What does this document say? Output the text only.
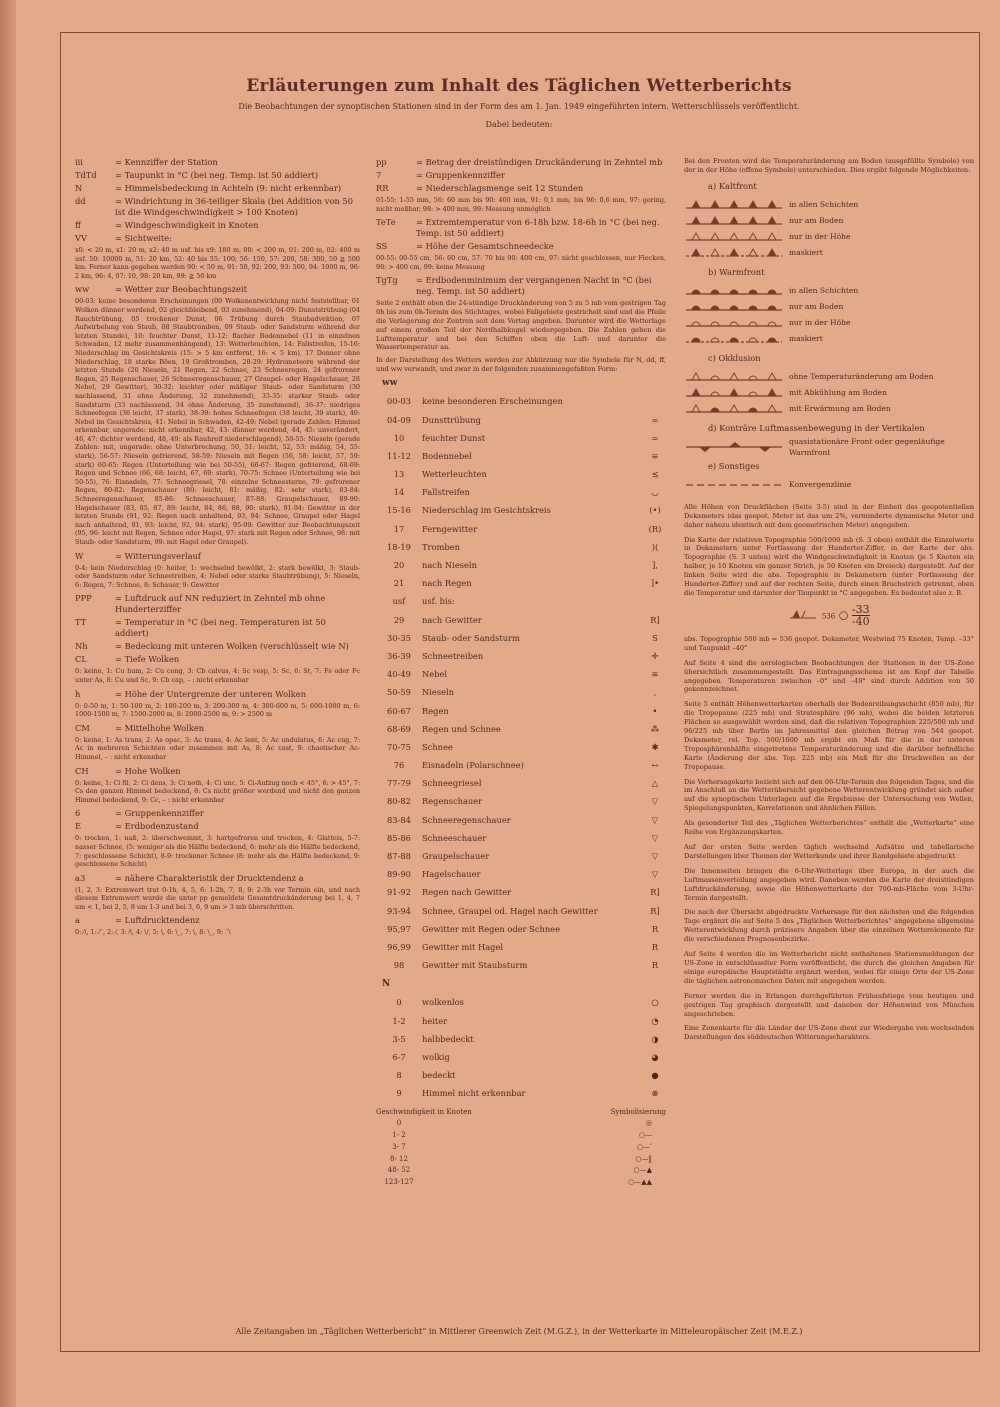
Erläuterungen zum Inhalt des Täglichen Wetterberichts
Die Beobachtungen der synoptischen Stationen sind in der Form des am 1. Jan. 1949 eingeführten intern. Wetterschlüssels veröffentlicht.
Dabei bedeuten:
iii	= Kennziffer der Station
TdTd	= Taupunkt in °C (bei neg. Temp. ist 50 addiert)
N	= Himmelsbedeckung in Achteln (9: nicht erkennbar)
dd	= Windrichtung in 36-teiliger Skala (bei Addition von 50 ist die Windgeschwindigkeit > 100 Knoten)
ff	= Windgeschwindigkeit in Knoten
VV	= Sichtweite:
x0: < 20 m, x1: 20 m, x2: 40 m usf. bis x9: 180 m, 00: < 200 m, 01: 200 m, 02: 400 m usf. 50: 10000 m, 51: 20 km, 52: 40 bis 55: 100; 56: 150, 57: 200, 58: 300, 59 ≧ 500 km. Ferner kann gegeben werden 90: < 50 m, 91: 50, 92: 200, 93: 500, 94: 1000 m, 96: 2 km, 96: 4, 97: 10, 98: 20 km, 99: ≧ 50 km
ww	= Wetter zur Beobachtungszeit
00-03: keine besonderen Erscheinungen (00 Wolkenentwicklung nicht feststellbar, 01 Wolken dünner werdend, 02 gleichbleibend, 03 zunehmend), 04-09: Dunststrübung (04 Rauchtrübung, 05 trockener Dunst, 06 Trübung durch Staubadvektion, 07 Aufwirbelung von Staub, 08 Staubtromben, 09 Staub- oder Sandsturm während der letzten Stunde), 10: feuchter Dunst, 11-12: flacher Bodennebel (11 in einzelnen Schwaden, 12 mehr zusammenhängend), 13: Wetterleuchten, 14: Fallstreifen, 15-16: Niederschlag im Gesichtskreis (15: > 5 km entfernt, 16: < 5 km), 17 Donner ohne Niederschlag, 18 starke Böen, 19 Großtromben, 20-29: Hydrometeore während der letzten Stunde (20 Nieseln, 21 Regen, 22 Schnee, 23 Schneeregen, 24 gefrorener Regen, 25 Regenschauer, 26 Schneeregenschauer, 27 Graupel- oder Hagelschauer, 28 Nebel, 29 Gewitter), 30-32: leichter oder mäßiger Staub- oder Sandsturm (30 nachlassend, 31 ohne Änderung, 32 zunehmend), 33-35: starker Staub- oder Sandsturm (33 nachlassend, 34 ohne Änderung, 35 zunehmend), 36-37: niedriges Schneefegen (36 leicht, 37 stark), 38-39: hohes Schneefegen (38 leicht, 39 stark), 40: Nebel im Gesichtskreis, 41: Nebel in Schwaden, 42-49: Nebel (gerade Zahlen: Himmel erkennbar, ungerade: nicht erkennbar, 42, 43: dünner werdend, 44, 45: unverändert, 46, 47: dichter werdend, 48, 49: als Rauhreif niederschlagend), 50-55: Nieseln (gerade Zahlen: mit, ungerade: ohne Unterbrechung, 50, 51: leicht, 52, 53: mäßig, 54, 55: stark), 56-57: Nieseln gefrierend, 58-59: Nieseln mit Regen (56, 58: leicht, 57, 59: stark) 60-65: Regen (Unterteilung wie bei 50-55), 66-67: Regen gefrierend, 68-69: Regen und Schnee (66, 68: leicht, 67, 69: stark), 70-75: Schnee (Unterteilung wie bei 50-55), 76: Eisnadeln, 77: Schneegriesel, 78: einzelne Schneesterne, 79: gefrorener Regen, 80-82: Regenschauer (80: leicht, 81: mäßig, 82: sehr stark), 83-84: Schneeregenschauer, 85-86: Schneeschauer, 87-88: Graupelschauer, 89-90: Hagelschauer (83, 85, 87, 89: leicht, 84, 86, 88, 90: stark), 91-94: Gewitter in der letzten Stunde (91, 92: Regen nach anhaltend, 93, 94: Schnee, Graupel oder Hagel nach anhaltend, 91, 93: leicht, 92, 94: stark), 95-99: Gewitter zur Beobachtungszeit (95, 96: leicht mit Regen, Schnee oder Hagel, 97: stark mit Regen oder Schnee, 98: mit Staub- oder Sandsturm, 99: mit Hagel oder Graupel).
W	= Witterungsverlauf
0-4: kein Niederschlag (0: heiter, 1: wechselnd bewölkt, 2: stark bewölkt, 3: Staub- oder Sandsturm oder Schneetreiben, 4: Nebel oder starke Staubtrübung), 5: Nieseln, 6: Regen, 7: Schnee, 8: Schauer, 9: Gewitter
PPP	= Luftdruck auf NN reduziert in Zehntel mb ohne Hunderterziffer
TT	= Temperatur in °C (bei neg. Temperaturen ist 50 addiert)
Nh	= Bedeckung mit unteren Wolken (verschlüsselt wie N)
CL	= Tiefe Wolken
0: keine, 1: Cu hum, 2: Cu cong, 3: Cb calvus, 4: Sc vesp, 5: Sc, 6: St, 7: Fs oder Fc unter As, 8: Cu und Sc, 9: Cb cap, – : nicht erkennbar
h	= Höhe der Untergrenze der unteren Wolken
0: 0-50 m, 1: 50-100 m, 2: 100-200 m, 3: 200-300 m, 4: 300-600 m, 5: 600-1000 m, 6: 1000-1500 m, 7: 1500-2000 m, 8: 2000-2500 m, 9: > 2500 m
CM	= Mittelhohe Wolken
0: keine, 1: As trans, 2: As opac, 3: Ac trans, 4: Ac lent, 5: Ac undulatus, 6: Ac cug, 7: Ac in mehreren Schichten oder zusammen mit As, 8: Ac cast, 9: chaotischer Ac-Himmel, – : nicht erkennbar
CH	= Hohe Wolken
0: keine, 1: Ci fil, 2: Ci dens, 3: Ci noth, 4: Ci unc, 5: Ci-Aufzug noch < 45°, 6: > 45°, 7: Cs den ganzen Himmel bedeckend, 8: Cs nicht größer werdend und nicht den ganzen Himmel bedeckend, 9: Cc, – : nicht erkennbar
6	= Gruppenkennziffer
E	= Erdbodenzustand
0: trocken, 1: naß, 2: überschwemmt, 3: hartgefroren und trocken, 4: Glatteis, 5-7: nasser Schnee, (5: weniger als die Hälfte bedeckend, 6: mehr als die Hälfte bedeckend, 7: geschlossene Schicht), 8-9: trockener Schnee (8: mehr als die Hälfte bedeckend, 9: geschlossene Schicht)
a3	= nähere Charakteristik der Drucktendenz a
(1, 2, 3: Extremwert trat 0-1h, 4, 5, 6: 1-2h, 7, 8, 9: 2-3h vor Termin ein, und nach diesem Extremwert wurde die unter pp gemeldete Gesamtdruckänderung bei 1, 4, 7 um < 1, bei 2, 5, 8 um 1-3 und bei 3, 6, 9 um > 3 mb überschritten.
a	= Luftdrucktendenz
0: ⁄\, 1: ⁄‾, 2: ⁄, 3: ⁄\, 4: \/, 5: \, 6: \_, 7: \, 8: \_, 9: ‾\
pp	= Betrag der dreistündigen Druckänderung in Zehntel mb
7	= Gruppenkennziffer
RR	= Niederschlagsmenge seit 12 Stunden
01-55: 1-55 mm, 56: 60 mm bis 90: 400 mm, 91: 0,1 mm, bis 96: 0,6 mm, 97: gering, nicht meßbar, 98: > 400 mm, 99: Messung unmöglich
TeTe	= Extremtemperatur von 6-18h bzw. 18-6h in °C (bei neg. Temp. ist 50 addiert)
SS	= Höhe der Gesamtschneedecke
00-55: 00-55 cm, 56: 60 cm, 57: 70 bis 90: 400 cm, 97: nicht geschlossen, nur Flecken, 98: > 400 cm, 99: keine Messung
TgTg	= Erdbodenminimum der vergangenen Nacht in °C (bei neg. Temp. ist 50 addiert)
Seite 2 enthält oben die 24-stündige Druckänderung von 5 zu 5 mb vom gestrigen Tag 0h bis zum 0h-Termin des Stichtages, wobei Fallgebiete gestrichelt sind und die Pfeile die Verlagerung der Zentren seit dem Vortag angeben. Darunter wird die Wetterlage auf einem großen Teil der Nordhalbkugel wiedergegeben. Die Zahlen geben die Lufttemperatur und bei den Schiffen oben die Luft- und darunter die Wassertemperatur an.
In der Darstellung des Wetters werden zur Abkürzung nur die Symbole für N, dd, ff, und ww verwandt, und zwar in der folgenden zusammengefaßten Form:
ww
00-03	keine besonderen Erscheinungen
04-09	Dunsttrübung	∞
10	feuchter Dunst	=
11-12	Bodennebel	≡
13	Wetterleuchten	≲
14	Fallstreifen	◡
15-16	Niederschlag im Gesichtskreis	(•)
17	Ferngewitter	(R)
18-19	Tromben	)(
20	nach Nieseln	],
21	nach Regen	]•
usf	usf. bis:
29	nach Gewitter	R]
30-35	Staub- oder Sandsturm	S
36-39	Schneetreiben	✛
40-49	Nebel	≡
50-59	Nieseln	,
60-67	Regen	•
68-69	Regen und Schnee	⁂
70-75	Schnee	✱
76	Eisnadeln (Polarschnee)	↔
77-79	Schneegriesel	△
80-82	Regenschauer	▽
83-84	Schneeregenschauer	▽
85-86	Schneeschauer	▽
87-88	Graupelschauer	▽
89-90	Hagelschauer	▽
91-92	Regen nach Gewitter	R]
93-94	Schnee, Graupel od. Hagel nach Gewitter	R]
95,97	Gewitter mit Regen oder Schnee	R
96,99	Gewitter mit Hagel	R
98	Gewitter mit Staubsturm	R
N
0	wolkenlos	○
1-2	heiter	◔
3-5	halbbedeckt	◑
6-7	wolkig	◕
8	bedeckt	●
9	Himmel nicht erkennbar	⊗
Geschwindigkeit in Knoten	Symbolisierung
0	◎
1- 2	○—
3- 7	○—ˈ
8- 12	○—‖
48- 52	○—▲
123-127	○—▲▲
Bei den Fronten wird die Temperaturänderung am Boden (ausgefüllte Symbole) von der in der Höhe (offene Symbole) unterschieden. Dies ergibt folgende Möglichkeiten:
a) Kaltfront
in allen Schichten
nur am Boden
nur in der Höhe
maskiert
b) Warmfront
in allen Schichten
nur am Boden
nur in der Höhe
maskiert
c) Okklusion
ohne Temperaturänderung am Boden
mit Abkühlung am Boden
mit Erwärmung am Boden
d) Konträre Luftmassenbewegung in der Vertikalen
quasistationäre Front oder gegenläufige Warmfront
e) Sonstiges
Konvergenzlinie
Alle Höhen von Druckflächen (Seite 3-5) sind in der Einheit des geopotentiellen Dekameters (das geopot. Meter ist das um 2%, verminderte dynamische Meter und daher nahezu identisch mit dem geometrischen Meter) angegeben.
Die Karte der relativen Topographie 500/1000 mb (S. 3 oben) enthält die Einzelwerte in Dekametern unter Fortlassung der Hunderter-Ziffer, in der Karte der abs. Topographie (S. 3 unten) wird die Windgeschwindigkeit in Knoten (je 5 Knoten ein halber, je 10 Knoten ein ganzer Strich, je 50 Knoten ein Dreieck) dargestellt. Auf der linken Seite wird die abs. Topographie in Dekametern (unter Fortlassung der Hunderter-Ziffer) und auf der rechten Seite, durch einen Bruchstrich getrennt, oben die Temperatur und darunter der Taupunkt in °C angegeben. Es bedeutet also z. B.
536 ○ $\frac{-33}{-40}$
abs. Topographie 500 mb = 536 geopot. Dekameter, Westwind 75 Knoten, Temp. –33° und Taupunkt –40°
Auf Seite 4 sind die aerologischen Beobachtungen der Stationen in der US-Zone übersichtlich zusammengestellt. Das Eintragungsschema ist am Kopf der Tabelle angegeben. Temperaturen zwischen –0° und –49° sind durch Addition von 50 gekennzeichnet.
Seite 5 enthält Höhenwetterkarten oberhalb der Bodenreibungsschicht (850 mb), für die Tropopause (225 mb) und Stratosphäre (96 mb), wobei die beiden letzteren Flächen so ausgewählt worden sind, daß die relativen Topographien 225/500 mb und 96/225 mb über Berlin im Jahresmittel den gleichen Betrag von 544 geopot. Dekameter, rel. Top. 500/1000 mb ergibt ein Maß für die in der unteren Troposphärenhälfte eingetretene Temperaturänderung und die darüber befindliche Karte (Änderung der abs. Top. 225 mb) ein Maß für die Druckwellen an der Tropopause.
Die Vorhersagekarte bezieht sich auf den 06-Uhr-Termin des folgenden Tages, und die im Anschluß an die Wetterübersicht gegebene Wetterentwicklung gründet sich außer auf die synoptischen Unterlagen auf die Ergebnisse der Untersuchung von Wellen, Spiegelungspunkten, Korrelationen und ähnlichen Fällen.
Als gesonderter Teil des „Täglichen Wetterberichtes“ enthält die „Wetterkarte“ eine Reihe von Ergänzungskarten.
Auf der ersten Seite werden täglich wechselnd Aufsätze und tabellarische Darstellungen über Themen der Wetterkunde und ihrer Randgebiete abgedruckt.
Die Innenseiten bringen die 6-Uhr-Wetterlage über Europa, in der auch die Luftmassenverteilung angegeben wird. Daneben werden die Karte der dreistündigen Luftdruckänderung, sowie die Höhenwetterkarte der 700-mb-Fläche vom 3-Uhr-Termin dargestellt.
Die nach der Übersicht abgedruckte Vorhersage für den nächsten und die folgenden Tage ergänzt die auf Seite 5 des „Täglichen Wetterberichtes“ angegebene allgemeine Wetterentwicklung durch präzisere Angaben über die einzelnen Wetterelemente für die verschiedenen Prognosenbezirke.
Auf Seite 4 werden die im Wetterbericht nicht enthaltenen Stationsmeldungen der US-Zone in entschlüsselter Form veröffentlicht, die durch die gleichen Angaben für einige europäische Hauptstädte ergänzt werden, wobei für einige Orte der US-Zone die täglichen astronomischen Daten mit angegeben werden.
Ferner werden die in Erlangen durchgeführten Frühaufstiege vom heutigen und gestrigen Tag graphisch dargestellt und daneben der Höhenwind von München angeschrieben.
Eine Zonenkarte für die Länder der US-Zone dient zur Wiedergabe von wechselnden Darstellungen des süddeutschen Witterungscharakters.
Alle Zeitangaben im „Täglichen Wetterbericht“ in Mittlerer Greenwich Zeit (M.G.Z.), in der Wetterkarte in Mitteleuropäischer Zeit (M.E.Z.)
